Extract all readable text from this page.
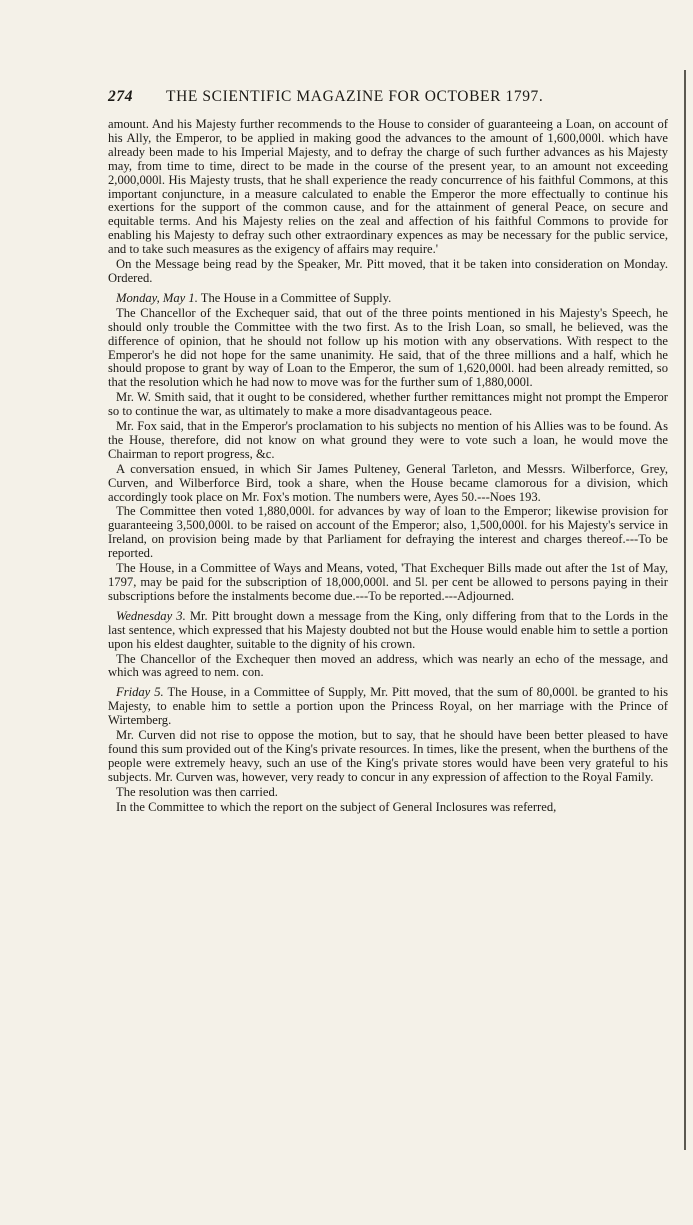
274	THE SCIENTIFIC MAGAZINE FOR OCTOBER 1797.

amount. And his Majesty further recommends to the House to consider of guaranteeing a Loan, on account of his Ally, the Emperor, to be applied in making good the advances to the amount of 1,600,000l. which have already been made to his Imperial Majesty, and to defray the charge of such further advances as his Majesty may, from time to time, direct to be made in the course of the present year, to an amount not exceeding 2,000,000l. His Majesty trusts, that he shall experience the ready concurrence of his faithful Commons, at this important conjuncture, in a measure calculated to enable the Emperor the more effectually to continue his exertions for the support of the common cause, and for the attainment of general Peace, on secure and equitable terms. And his Majesty relies on the zeal and affection of his faithful Commons to provide for enabling his Majesty to defray such other extraordinary expences as may be necessary for the public service, and to take such measures as the exigency of affairs may require.'

On the Message being read by the Speaker, Mr. Pitt moved, that it be taken into consideration on Monday. Ordered.

Monday, May 1. The House in a Committee of Supply.

The Chancellor of the Exchequer said, that out of the three points mentioned in his Majesty's Speech, he should only trouble the Committee with the two first. As to the Irish Loan, so small, he believed, was the difference of opinion, that he should not follow up his motion with any observations. With respect to the Emperor's he did not hope for the same unanimity. He said, that of the three millions and a half, which he should propose to grant by way of Loan to the Emperor, the sum of 1,620,000l. had been already remitted, so that the resolution which he had now to move was for the further sum of 1,880,000l.

Mr. W. Smith said, that it ought to be considered, whether further remittances might not prompt the Emperor so to continue the war, as ultimately to make a more disadvantageous peace.

Mr. Fox said, that in the Emperor's proclamation to his subjects no mention of his Allies was to be found. As the House, therefore, did not know on what ground they were to vote such a loan, he would move the Chairman to report progress, &c.

A conversation ensued, in which Sir James Pulteney, General Tarleton, and Messrs. Wilberforce, Grey, Curven, and Wilberforce Bird, took a share, when the House became clamorous for a division, which accordingly took place on Mr. Fox's motion. The numbers were, Ayes 50.---Noes 193.

The Committee then voted 1,880,000l. for advances by way of loan to the Emperor; likewise provision for guaranteeing 3,500,000l. to be raised on account of the Emperor; also, 1,500,000l. for his Majesty's service in Ireland, on provision being made by that Parliament for defraying the interest and charges thereof.---To be reported.

The House, in a Committee of Ways and Means, voted, 'That Exchequer Bills made out after the 1st of May, 1797, may be paid for the subscription of 18,000,000l. and 5l. per cent be allowed to persons paying in their subscriptions before the instalments become due.---To be reported.---Adjourned.

Wednesday 3. Mr. Pitt brought down a message from the King, only differing from that to the Lords in the last sentence, which expressed that his Majesty doubted not but the House would enable him to settle a portion upon his eldest daughter, suitable to the dignity of his crown.

The Chancellor of the Exchequer then moved an address, which was nearly an echo of the message, and which was agreed to nem. con.

Friday 5. The House, in a Committee of Supply, Mr. Pitt moved, that the sum of 80,000l. be granted to his Majesty, to enable him to settle a portion upon the Princess Royal, on her marriage with the Prince of Wirtemberg.

Mr. Curven did not rise to oppose the motion, but to say, that he should have been better pleased to have found this sum provided out of the King's private resources. In times, like the present, when the burthens of the people were extremely heavy, such an use of the King's private stores would have been very grateful to his subjects. Mr. Curven was, however, very ready to concur in any expression of affection to the Royal Family.

The resolution was then carried.

In the Committee to which the report on the subject of General Inclosures was referred,
